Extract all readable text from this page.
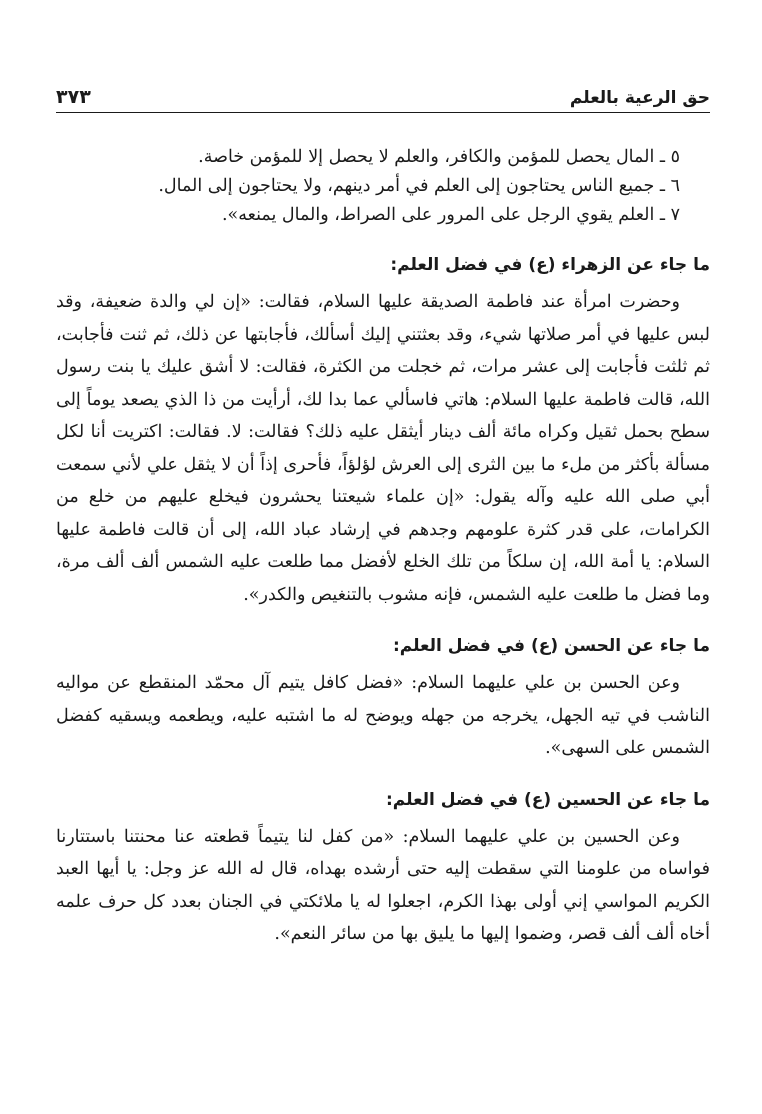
حق الرعية بالعلم
٣٧٣
٥ ـ المال يحصل للمؤمن والكافر، والعلم لا يحصل إلا للمؤمن خاصة.
٦ ـ جميع الناس يحتاجون إلى العلم في أمر دينهم، ولا يحتاجون إلى المال.
٧ ـ العلم يقوي الرجل على المرور على الصراط، والمال يمنعه».
ما جاء عن الزهراء (ع) في فضل العلم:

وحضرت امرأة عند فاطمة الصديقة عليها السلام، فقالت: «إن لي والدة ضعيفة، وقد لبس عليها في أمر صلاتها شيء، وقد بعثتني إليك أسألك، فأجابتها عن ذلك، ثم ثنت فأجابت، ثم ثلثت فأجابت إلى عشر مرات، ثم خجلت من الكثرة، فقالت: لا أشق عليك يا بنت رسول الله، قالت فاطمة عليها السلام: هاتي فاسألي عما بدا لك، أرأيت من ذا الذي يصعد يوماً إلى سطح بحمل ثقيل وكراه مائة ألف دينار أيثقل عليه ذلك؟ فقالت: لا. فقالت: اكتريت أنا لكل مسألة بأكثر من ملء ما بين الثرى إلى العرش لؤلؤاً، فأحرى إذاً أن لا يثقل علي لأني سمعت أبي صلى الله عليه وآله يقول: «إن علماء شيعتنا يحشرون فيخلع عليهم من خلع من الكرامات، على قدر كثرة علومهم وجدهم في إرشاد عباد الله، إلى أن قالت فاطمة عليها السلام: يا أمة الله، إن سلكاً من تلك الخلع لأفضل مما طلعت عليه الشمس ألف ألف مرة، وما فضل ما طلعت عليه الشمس، فإنه مشوب بالتنغيص والكدر».

ما جاء عن الحسن (ع) في فضل العلم:

وعن الحسن بن علي عليهما السلام: «فضل كافل يتيم آل محمّد المنقطع عن مواليه الناشب في تيه الجهل، يخرجه من جهله ويوضح له ما اشتبه عليه، ويطعمه ويسقيه كفضل الشمس على السهى».

ما جاء عن الحسين (ع) في فضل العلم:

وعن الحسين بن علي عليهما السلام: «من كفل لنا يتيماً قطعته عنا محنتنا باستتارنا فواساه من علومنا التي سقطت إليه حتى أرشده بهداه، قال له الله عز وجل: يا أيها العبد الكريم المواسي إني أولى بهذا الكرم، اجعلوا له يا ملائكتي في الجنان بعدد كل حرف علمه أخاه ألف ألف قصر، وضموا إليها ما يليق بها من سائر النعم».
